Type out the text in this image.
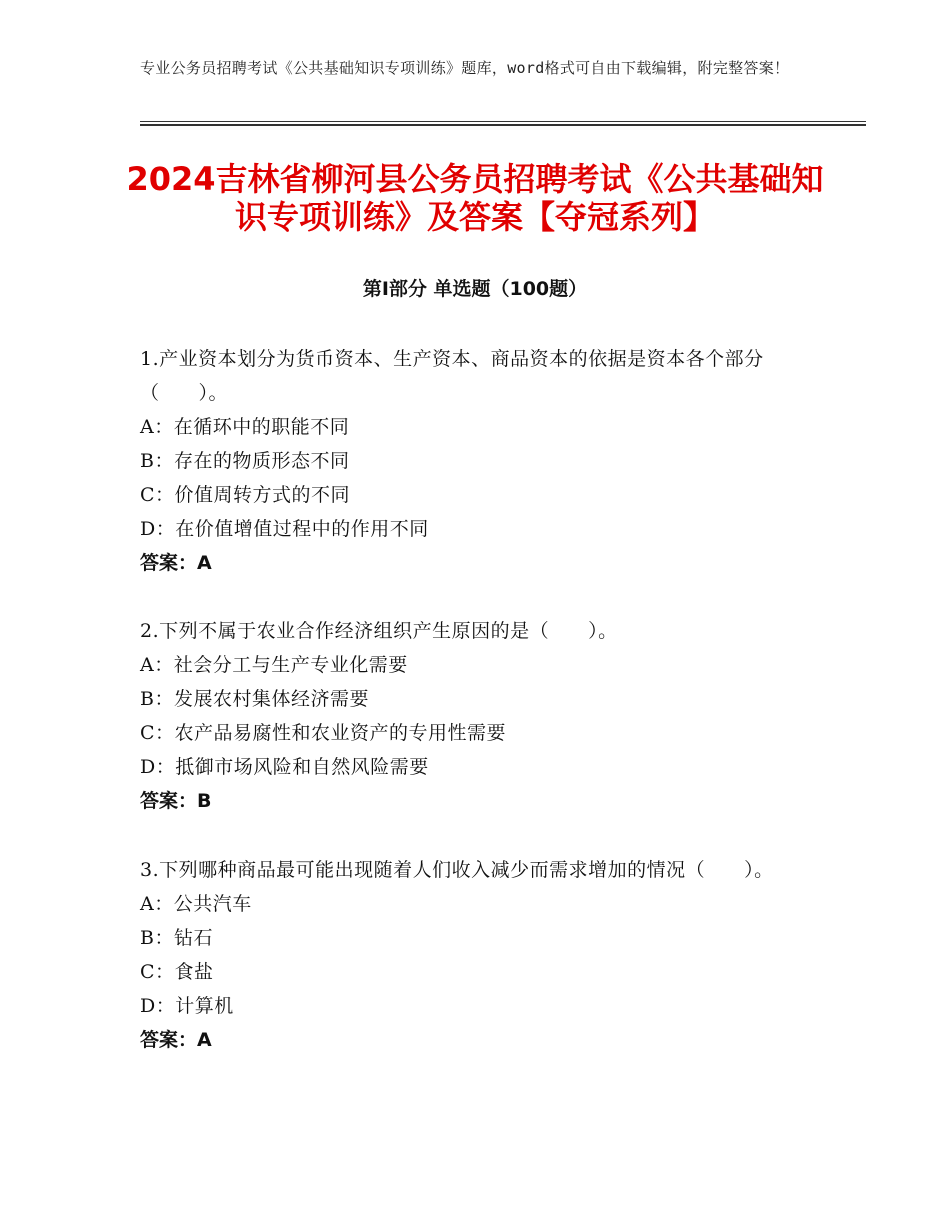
专业公务员招聘考试《公共基础知识专项训练》题库，word格式可自由下载编辑，附完整答案！
2024吉林省柳河县公务员招聘考试《公共基础知识专项训练》及答案【夺冠系列】
第Ⅰ部分 单选题（100题）
1.产业资本划分为货币资本、生产资本、商品资本的依据是资本各个部分（　　）。
A：在循环中的职能不同
B：存在的物质形态不同
C：价值周转方式的不同
D：在价值增值过程中的作用不同
答案：A
2.下列不属于农业合作经济组织产生原因的是（　　）。
A：社会分工与生产专业化需要
B：发展农村集体经济需要
C：农产品易腐性和农业资产的专用性需要
D：抵御市场风险和自然风险需要
答案：B
3.下列哪种商品最可能出现随着人们收入减少而需求增加的情况（　　）。
A：公共汽车
B：钻石
C：食盐
D：计算机
答案：A
